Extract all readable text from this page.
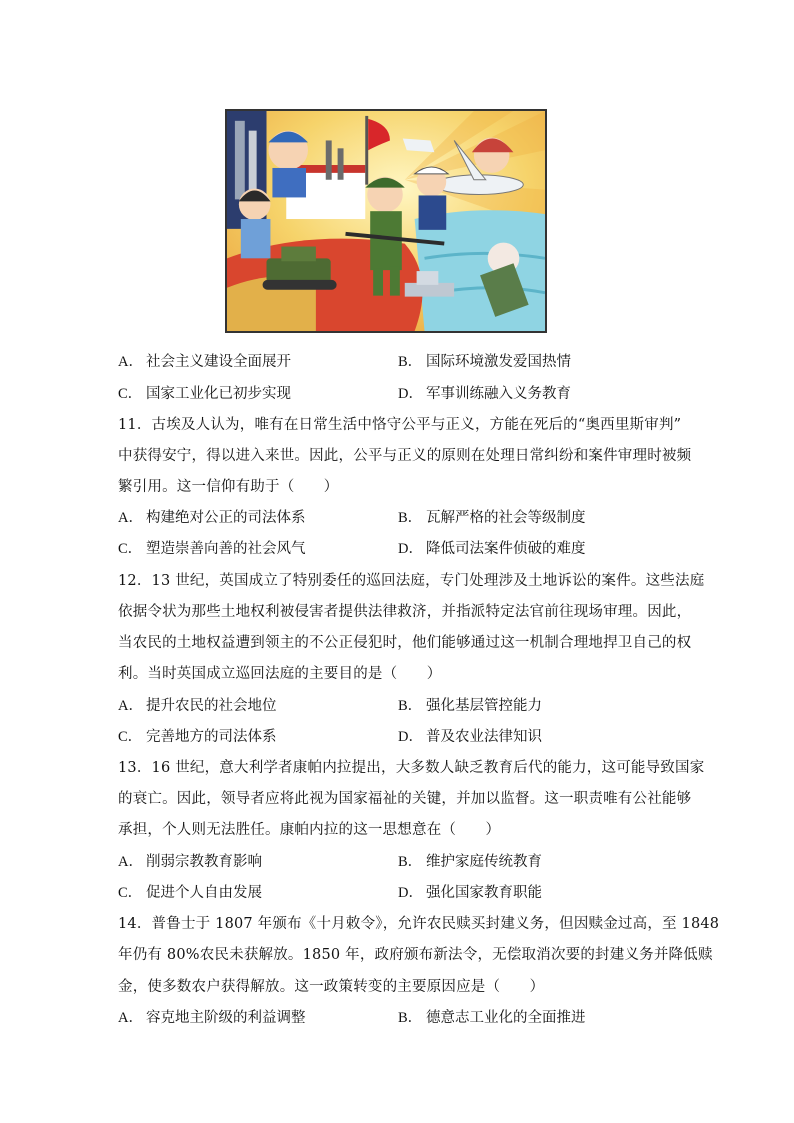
A． 社会主义建设全面展开	B． 国际环境激发爱国热情
C． 国家工业化已初步实现	D． 军事训练融入义务教育
11．古埃及人认为，唯有在日常生活中恪守公平与正义，方能在死后的“奥西里斯审判”
中获得安宁，得以进入来世。因此，公平与正义的原则在处理日常纠纷和案件审理时被频
繁引用。这一信仰有助于（　　）
A． 构建绝对公正的司法体系	B． 瓦解严格的社会等级制度
C． 塑造崇善向善的社会风气	D． 降低司法案件侦破的难度
12．13 世纪，英国成立了特别委任的巡回法庭，专门处理涉及土地诉讼的案件。这些法庭
依据令状为那些土地权利被侵害者提供法律救济，并指派特定法官前往现场审理。因此，
当农民的土地权益遭到领主的不公正侵犯时，他们能够通过这一机制合理地捍卫自己的权
利。当时英国成立巡回法庭的主要目的是（　　）
A． 提升农民的社会地位	B． 强化基层管控能力
C． 完善地方的司法体系	D． 普及农业法律知识
13．16 世纪，意大利学者康帕内拉提出，大多数人缺乏教育后代的能力，这可能导致国家
的衰亡。因此，领导者应将此视为国家福祉的关键，并加以监督。这一职责唯有公社能够
承担，个人则无法胜任。康帕内拉的这一思想意在（　　）
A． 削弱宗教教育影响	B． 维护家庭传统教育
C． 促进个人自由发展	D． 强化国家教育职能
14．普鲁士于 1807 年颁布《十月敕令》，允许农民赎买封建义务，但因赎金过高，至 1848
年仍有 80%农民未获解放。1850 年，政府颁布新法令，无偿取消次要的封建义务并降低赎
金，使多数农户获得解放。这一政策转变的主要原因应是（　　）
A． 容克地主阶级的利益调整	B． 德意志工业化的全面推进
